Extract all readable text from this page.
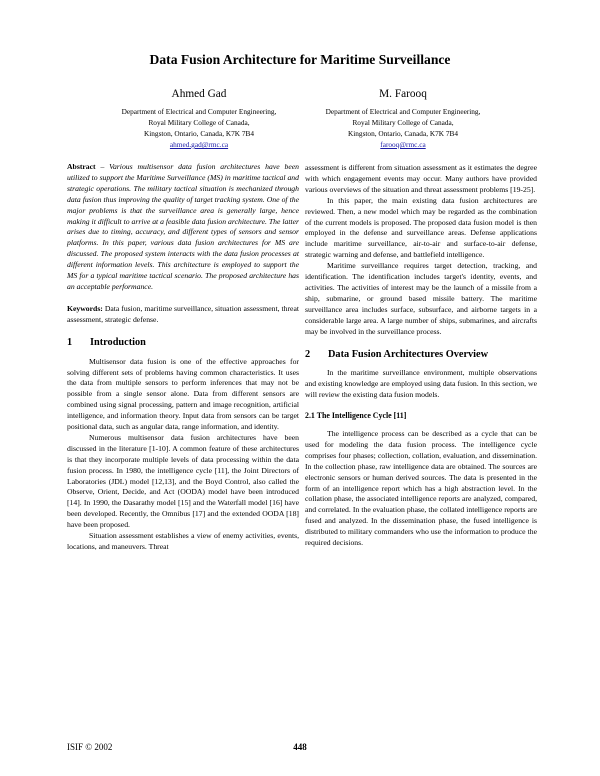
Data Fusion Architecture for Maritime Surveillance
Ahmed Gad
Department of Electrical and Computer Engineering,
Royal Military College of Canada,
Kingston, Ontario, Canada, K7K 7B4
ahmed.gad@rmc.ca
M. Farooq
Department of Electrical and Computer Engineering,
Royal Military College of Canada,
Kingston, Ontario, Canada, K7K 7B4
farooq@rmc.ca

Abstract – Various multisensor data fusion architectures have been utilized to support the Maritime Surveillance (MS) in maritime tactical and strategic operations. The military tactical situation is mechanized through data fusion thus improving the quality of target tracking system. One of the major problems is that the surveillance area is generally large, hence making it difficult to arrive at a feasible data fusion architecture. The latter arises due to timing, accuracy, and different types of sensors and sensor platforms. In this paper, various data fusion architectures for MS are discussed. The proposed system interacts with the data fusion processes at different information levels. This architecture is employed to support the MS for a typical maritime tactical scenario. The proposed architecture has an acceptable performance.

Keywords: Data fusion, maritime surveillance, situation assessment, threat assessment, strategic defense.

1 Introduction

Multisensor data fusion is one of the effective approaches for solving different sets of problems having common characteristics. It uses the data from multiple sensors to perform inferences that may not be possible from a single sensor alone. Data from different sensors are combined using signal processing, pattern and image recognition, artificial intelligence, and information theory. Input data from sensors can be target positional data, such as angular data, range information, and identity.

Numerous multisensor data fusion architectures have been discussed in the literature [1-10]. A common feature of these architectures is that they incorporate multiple levels of data processing within the data fusion process. In 1980, the intelligence cycle [11], the Joint Directors of Laboratories (JDL) model [12,13], and the Boyd Control, also called the Observe, Orient, Decide, and Act (OODA) model have been introduced [14]. In 1990, the Dasarathy model [15] and the Waterfall model [16] have been developed. Recently, the Omnibus [17] and the extended OODA [18] have been proposed.

Situation assessment establishes a view of enemy activities, events, locations, and maneuvers. Threat

assessment is different from situation assessment as it estimates the degree with which engagement events may occur. Many authors have provided various overviews of the situation and threat assessment problems [19-25].

In this paper, the main existing data fusion architectures are reviewed. Then, a new model which may be regarded as the combination of the current models is proposed. The proposed data fusion model is then employed in the defense and surveillance areas. Defense applications include maritime surveillance, air-to-air and surface-to-air defense, strategic warning and defense, and battlefield intelligence.

Maritime surveillance requires target detection, tracking, and identification. The identification includes target's identity, events, and activities. The activities of interest may be the launch of a missile from a ship, submarine, or ground based missile battery. The maritime surveillance area includes surface, subsurface, and airborne targets in a considerable large area. A large number of ships, submarines, and aircrafts may be involved in the surveillance process.

2 Data Fusion Architectures Overview

In the maritime surveillance environment, multiple observations and existing knowledge are employed using data fusion. In this section, we will review the existing data fusion models.

2.1 The Intelligence Cycle [11]

The intelligence process can be described as a cycle that can be used for modeling the data fusion process. The intelligence cycle comprises four phases; collection, collation, evaluation, and dissemination. In the collection phase, raw intelligence data are obtained. The sources are electronic sensors or human derived sources. The data is presented in the form of an intelligence report which has a high abstraction level. In the collation phase, the associated intelligence reports are analyzed, compared, and correlated. In the evaluation phase, the collated intelligence reports are fused and analyzed. In the dissemination phase, the fused intelligence is distributed to military commanders who use the information to produce the required decisions.

ISIF © 2002	448
